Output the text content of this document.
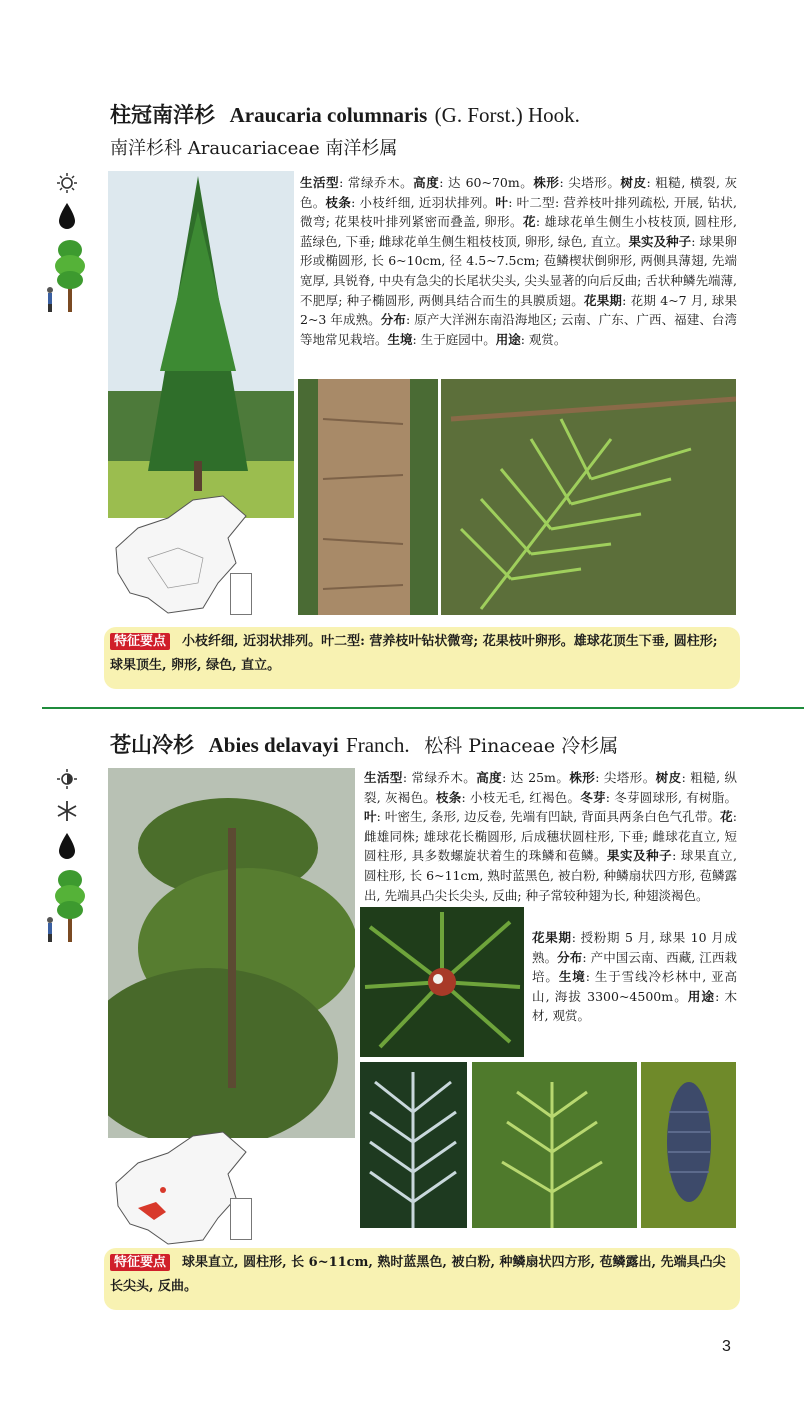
柱冠南洋杉 Araucaria columnaris (G. Forst.) Hook.
南洋杉科 Araucariaceae 南洋杉属
生活型: 常绿乔木。高度: 达 60~70m。株形: 尖塔形。树皮: 粗糙, 横裂, 灰色。枝条: 小枝纤细, 近羽状排列。叶: 叶二型: 营养枝叶排列疏松, 开展, 钻状, 微弯; 花果枝叶排列紧密而叠盖, 卵形。花: 雄球花单生侧生小枝枝顶, 圆柱形, 蓝绿色, 下垂; 雌球花单生侧生粗枝枝顶, 卵形, 绿色, 直立。果实及种子: 球果卵形或椭圆形, 长 6~10cm, 径 4.5~7.5cm; 苞鳞楔状倒卵形, 两侧具薄翅, 先端宽厚, 具锐脊, 中央有急尖的长尾状尖头, 尖头显著的向后反曲; 舌状种鳞先端薄, 不肥厚; 种子椭圆形, 两侧具结合而生的具膜质翅。花果期: 花期 4~7 月, 球果 2~3 年成熟。分布: 原产大洋洲东南沿海地区; 云南、广东、广西、福建、台湾等地常见栽培。生境: 生于庭园中。用途: 观赏。
特征要点 小枝纤细, 近羽状排列。叶二型: 营养枝叶钻状微弯; 花果枝叶卵形。雄球花顶生下垂, 圆柱形; 球果顶生, 卵形, 绿色, 直立。
苍山冷杉 Abies delavayi Franch. 松科 Pinaceae 冷杉属
生活型: 常绿乔木。高度: 达 25m。株形: 尖塔形。树皮: 粗糙, 纵裂, 灰褐色。枝条: 小枝无毛, 红褐色。冬芽: 冬芽圆球形, 有树脂。叶: 叶密生, 条形, 边反卷, 先端有凹缺, 背面具两条白色气孔带。花: 雌雄同株; 雄球花长椭圆形, 后成穗状圆柱形, 下垂; 雌球花直立, 短圆柱形, 具多数螺旋状着生的珠鳞和苞鳞。果实及种子: 球果直立, 圆柱形, 长 6~11cm, 熟时蓝黑色, 被白粉, 种鳞扇状四方形, 苞鳞露出, 先端具凸尖长尖头, 反曲; 种子常较种翅为长, 种翅淡褐色。
花果期: 授粉期 5 月, 球果 10 月成熟。分布: 产中国云南、西藏, 江西栽培。生境: 生于雪线冷杉林中, 亚高山, 海拔 3300~4500m。用途: 木材, 观赏。
特征要点 球果直立, 圆柱形, 长 6~11cm, 熟时蓝黑色, 被白粉, 种鳞扇状四方形, 苞鳞露出, 先端具凸尖长尖头, 反曲。
3
